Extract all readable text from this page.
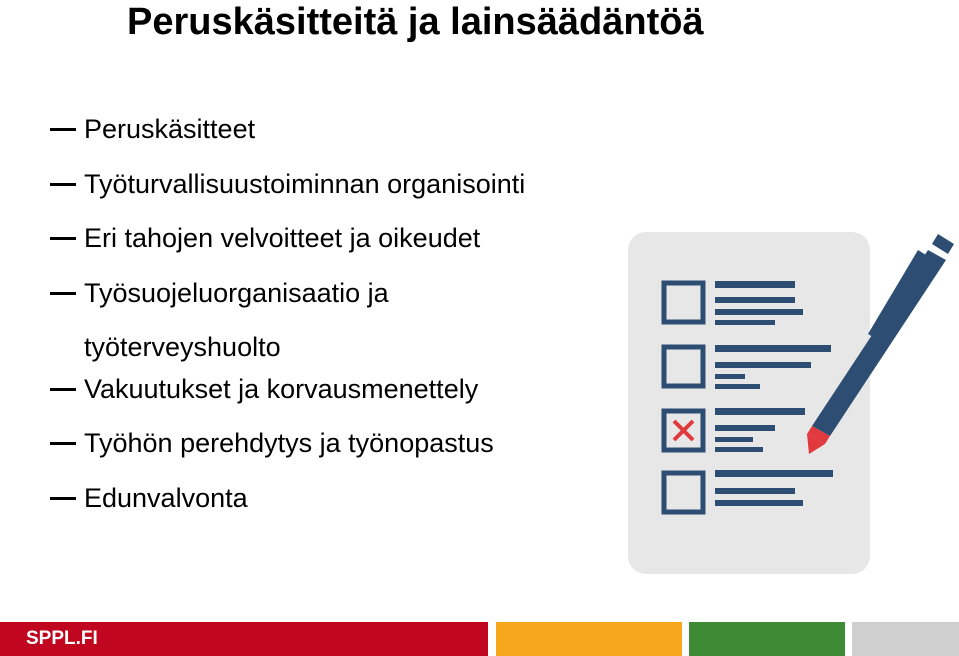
Peruskäsitteitä ja lainsäädäntöä
Peruskäsitteet
Työturvallisuustoiminnan organisointi
Eri tahojen velvoitteet ja oikeudet
Työsuojeluorganisaatio ja
työterveyshuolto
Vakuutukset ja korvausmenettely
Työhön perehdytys ja työnopastus
Edunvalvonta
SPPL.FI
